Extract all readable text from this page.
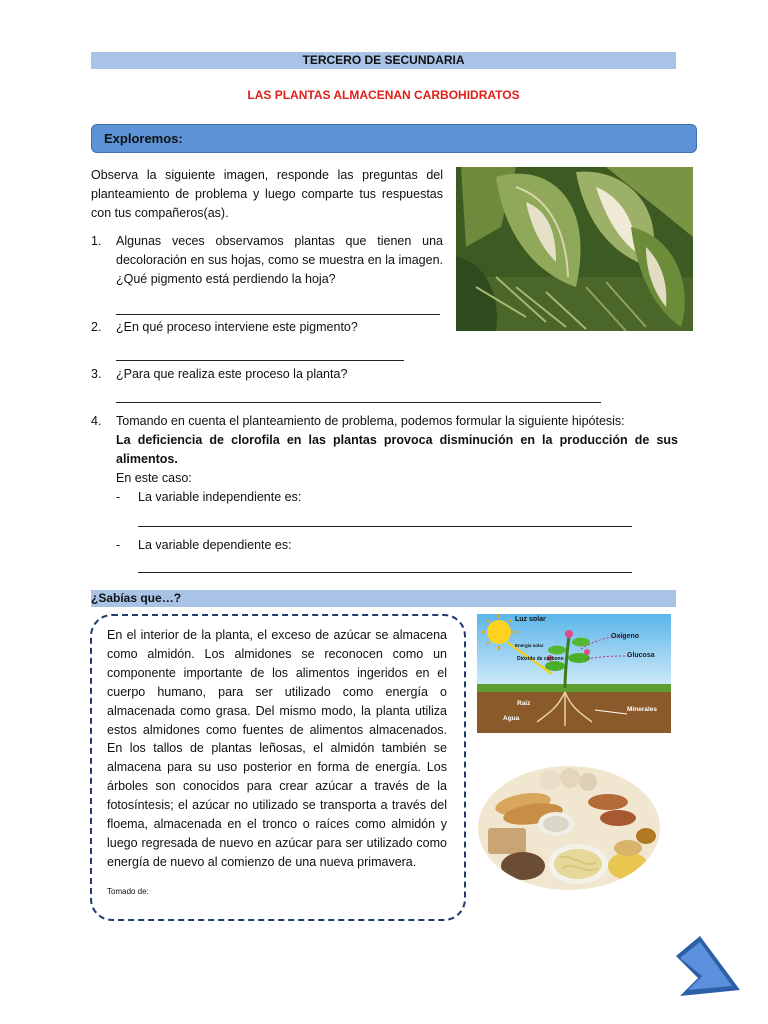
TERCERO DE SECUNDARIA
LAS PLANTAS ALMACENAN CARBOHIDRATOS
Exploremos:
Observa la siguiente imagen, responde las preguntas del planteamiento de problema y luego comparte tus respuestas con tus compañeros(as).
1. Algunas veces observamos plantas que tienen una decoloración en sus hojas, como se muestra en la imagen. ¿Qué pigmento está perdiendo la hoja?
2. ¿En qué proceso interviene este pigmento?
3. ¿Para que realiza este proceso la planta?
4. Tomando en cuenta el planteamiento de problema, podemos formular la siguiente hipótesis:
La deficiencia de clorofila en las plantas provoca disminución en la producción de sus alimentos.
En este caso:
- La variable independiente es:
- La variable dependiente es:
¿Sabías que…?
En el interior de la planta, el exceso de azúcar se almacena como almidón. Los almidones se reconocen como un componente importante de los alimentos ingeridos en el cuerpo humano, para ser utilizado como energía o almacenada como grasa. Del mismo modo, la planta utiliza estos almidones como fuentes de alimentos almacenados. En los tallos de plantas leñosas, el almidón también se almacena para su uso posterior en forma de energía. Los árboles son conocidos para crear azúcar a través de la fotosíntesis; el azúcar no utilizado se transporta a través del floema, almacenada en el tronco o raíces como almidón y luego regresada de nuevo en azúcar para ser utilizado como energía de nuevo al comienzo de una nueva primavera.
Tomado de:
Luz solar
Energía solar
Oxígeno
Glucosa
Dióxido de carbono
Raíz
Agua
Minerales
